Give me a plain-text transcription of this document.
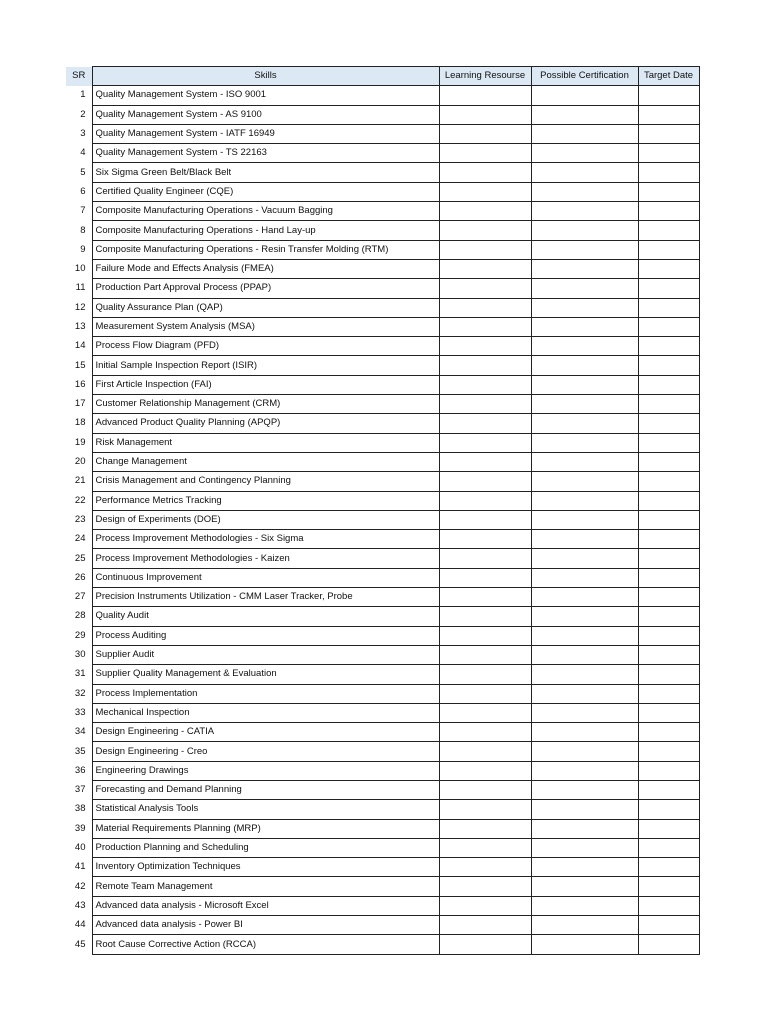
SR	Skills	Learning Resourse	Possible Certification	Target Date
1	Quality Management System - ISO 9001			
2	Quality Management System - AS 9100			
3	Quality Management System - IATF 16949			
4	Quality Management System - TS 22163			
5	Six Sigma Green Belt/Black Belt			
6	Certified Quality Engineer (CQE)			
7	Composite Manufacturing Operations - Vacuum Bagging			
8	Composite Manufacturing Operations - Hand Lay-up			
9	Composite Manufacturing Operations - Resin Transfer Molding (RTM)			
10	Failure Mode and Effects Analysis (FMEA)			
11	Production Part Approval Process (PPAP)			
12	Quality Assurance Plan (QAP)			
13	Measurement System Analysis (MSA)			
14	Process Flow Diagram (PFD)			
15	Initial Sample Inspection Report (ISIR)			
16	First Article Inspection (FAI)			
17	Customer Relationship Management (CRM)			
18	Advanced Product Quality Planning (APQP)			
19	Risk Management			
20	Change Management			
21	Crisis Management and Contingency Planning			
22	Performance Metrics Tracking			
23	Design of Experiments (DOE)			
24	Process Improvement Methodologies - Six Sigma			
25	Process Improvement Methodologies - Kaizen			
26	Continuous Improvement			
27	Precision Instruments Utilization - CMM Laser Tracker, Probe			
28	Quality Audit			
29	Process Auditing			
30	Supplier Audit			
31	Supplier Quality Management & Evaluation			
32	Process Implementation			
33	Mechanical Inspection			
34	Design Engineering - CATIA			
35	Design Engineering - Creo			
36	Engineering Drawings			
37	Forecasting and Demand Planning			
38	Statistical Analysis Tools			
39	Material Requirements Planning (MRP)			
40	Production Planning and Scheduling			
41	Inventory Optimization Techniques			
42	Remote Team Management			
43	Advanced data analysis - Microsoft Excel			
44	Advanced data analysis - Power BI			
45	Root Cause Corrective Action (RCCA)			
